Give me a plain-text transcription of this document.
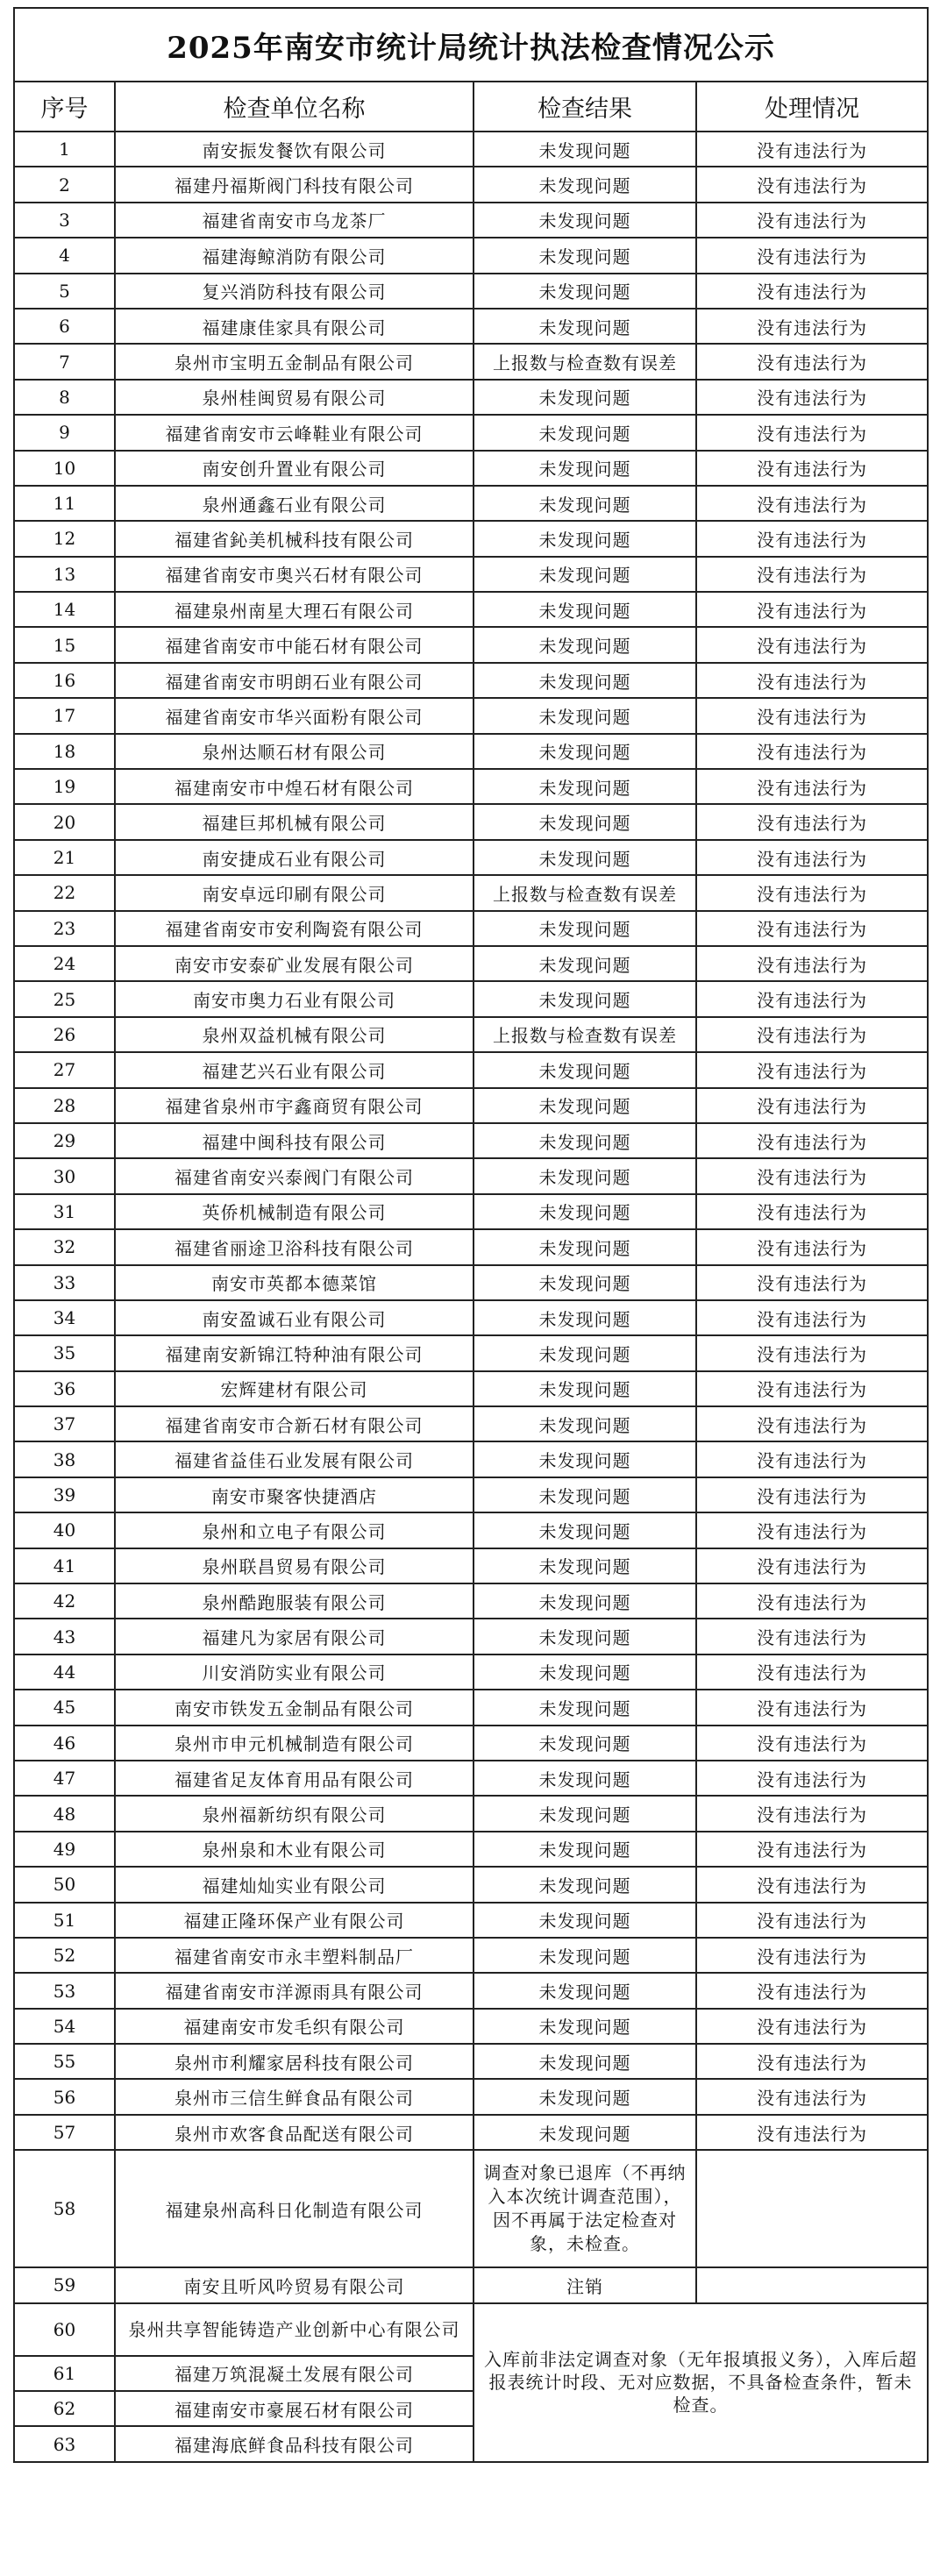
2025年南安市统计局统计执法检查情况公示			
序号	检查单位名称	检查结果	处理情况
1	南安振发餐饮有限公司	未发现问题	没有违法行为
2	福建丹福斯阀门科技有限公司	未发现问题	没有违法行为
3	福建省南安市乌龙茶厂	未发现问题	没有违法行为
4	福建海鲸消防有限公司	未发现问题	没有违法行为
5	复兴消防科技有限公司	未发现问题	没有违法行为
6	福建康佳家具有限公司	未发现问题	没有违法行为
7	泉州市宝明五金制品有限公司	上报数与检查数有误差	没有违法行为
8	泉州桂闽贸易有限公司	未发现问题	没有违法行为
9	福建省南安市云峰鞋业有限公司	未发现问题	没有违法行为
10	南安创升置业有限公司	未发现问题	没有违法行为
11	泉州通鑫石业有限公司	未发现问题	没有违法行为
12	福建省鈊美机械科技有限公司	未发现问题	没有违法行为
13	福建省南安市奥兴石材有限公司	未发现问题	没有违法行为
14	福建泉州南星大理石有限公司	未发现问题	没有违法行为
15	福建省南安市中能石材有限公司	未发现问题	没有违法行为
16	福建省南安市明朗石业有限公司	未发现问题	没有违法行为
17	福建省南安市华兴面粉有限公司	未发现问题	没有违法行为
18	泉州达顺石材有限公司	未发现问题	没有违法行为
19	福建南安市中煌石材有限公司	未发现问题	没有违法行为
20	福建巨邦机械有限公司	未发现问题	没有违法行为
21	南安捷成石业有限公司	未发现问题	没有违法行为
22	南安卓远印刷有限公司	上报数与检查数有误差	没有违法行为
23	福建省南安市安利陶瓷有限公司	未发现问题	没有违法行为
24	南安市安泰矿业发展有限公司	未发现问题	没有违法行为
25	南安市奥力石业有限公司	未发现问题	没有违法行为
26	泉州双益机械有限公司	上报数与检查数有误差	没有违法行为
27	福建艺兴石业有限公司	未发现问题	没有违法行为
28	福建省泉州市宇鑫商贸有限公司	未发现问题	没有违法行为
29	福建中闽科技有限公司	未发现问题	没有违法行为
30	福建省南安兴泰阀门有限公司	未发现问题	没有违法行为
31	英侨机械制造有限公司	未发现问题	没有违法行为
32	福建省丽途卫浴科技有限公司	未发现问题	没有违法行为
33	南安市英都本德菜馆	未发现问题	没有违法行为
34	南安盈诚石业有限公司	未发现问题	没有违法行为
35	福建南安新锦江特种油有限公司	未发现问题	没有违法行为
36	宏辉建材有限公司	未发现问题	没有违法行为
37	福建省南安市合新石材有限公司	未发现问题	没有违法行为
38	福建省益佳石业发展有限公司	未发现问题	没有违法行为
39	南安市聚客快捷酒店	未发现问题	没有违法行为
40	泉州和立电子有限公司	未发现问题	没有违法行为
41	泉州联昌贸易有限公司	未发现问题	没有违法行为
42	泉州酷跑服装有限公司	未发现问题	没有违法行为
43	福建凡为家居有限公司	未发现问题	没有违法行为
44	川安消防实业有限公司	未发现问题	没有违法行为
45	南安市铁发五金制品有限公司	未发现问题	没有违法行为
46	泉州市申元机械制造有限公司	未发现问题	没有违法行为
47	福建省足友体育用品有限公司	未发现问题	没有违法行为
48	泉州福新纺织有限公司	未发现问题	没有违法行为
49	泉州泉和木业有限公司	未发现问题	没有违法行为
50	福建灿灿实业有限公司	未发现问题	没有违法行为
51	福建正隆环保产业有限公司	未发现问题	没有违法行为
52	福建省南安市永丰塑料制品厂	未发现问题	没有违法行为
53	福建省南安市洋源雨具有限公司	未发现问题	没有违法行为
54	福建南安市发毛织有限公司	未发现问题	没有违法行为
55	泉州市利耀家居科技有限公司	未发现问题	没有违法行为
56	泉州市三信生鲜食品有限公司	未发现问题	没有违法行为
57	泉州市欢客食品配送有限公司	未发现问题	没有违法行为
58	福建泉州高科日化制造有限公司	调查对象已退库（不再纳入本次统计调查范围），因不再属于法定检查对象，未检查。	
59	南安且听风吟贸易有限公司	注销	
60	泉州共享智能铸造产业创新中心有限公司	入库前非法定调查对象（无年报填报义务），入库后超报表统计时段、无对应数据，不具备检查条件，暂未检查。	
61	福建万筑混凝土发展有限公司		
62	福建南安市豪展石材有限公司		
63	福建海底鲜食品科技有限公司		
